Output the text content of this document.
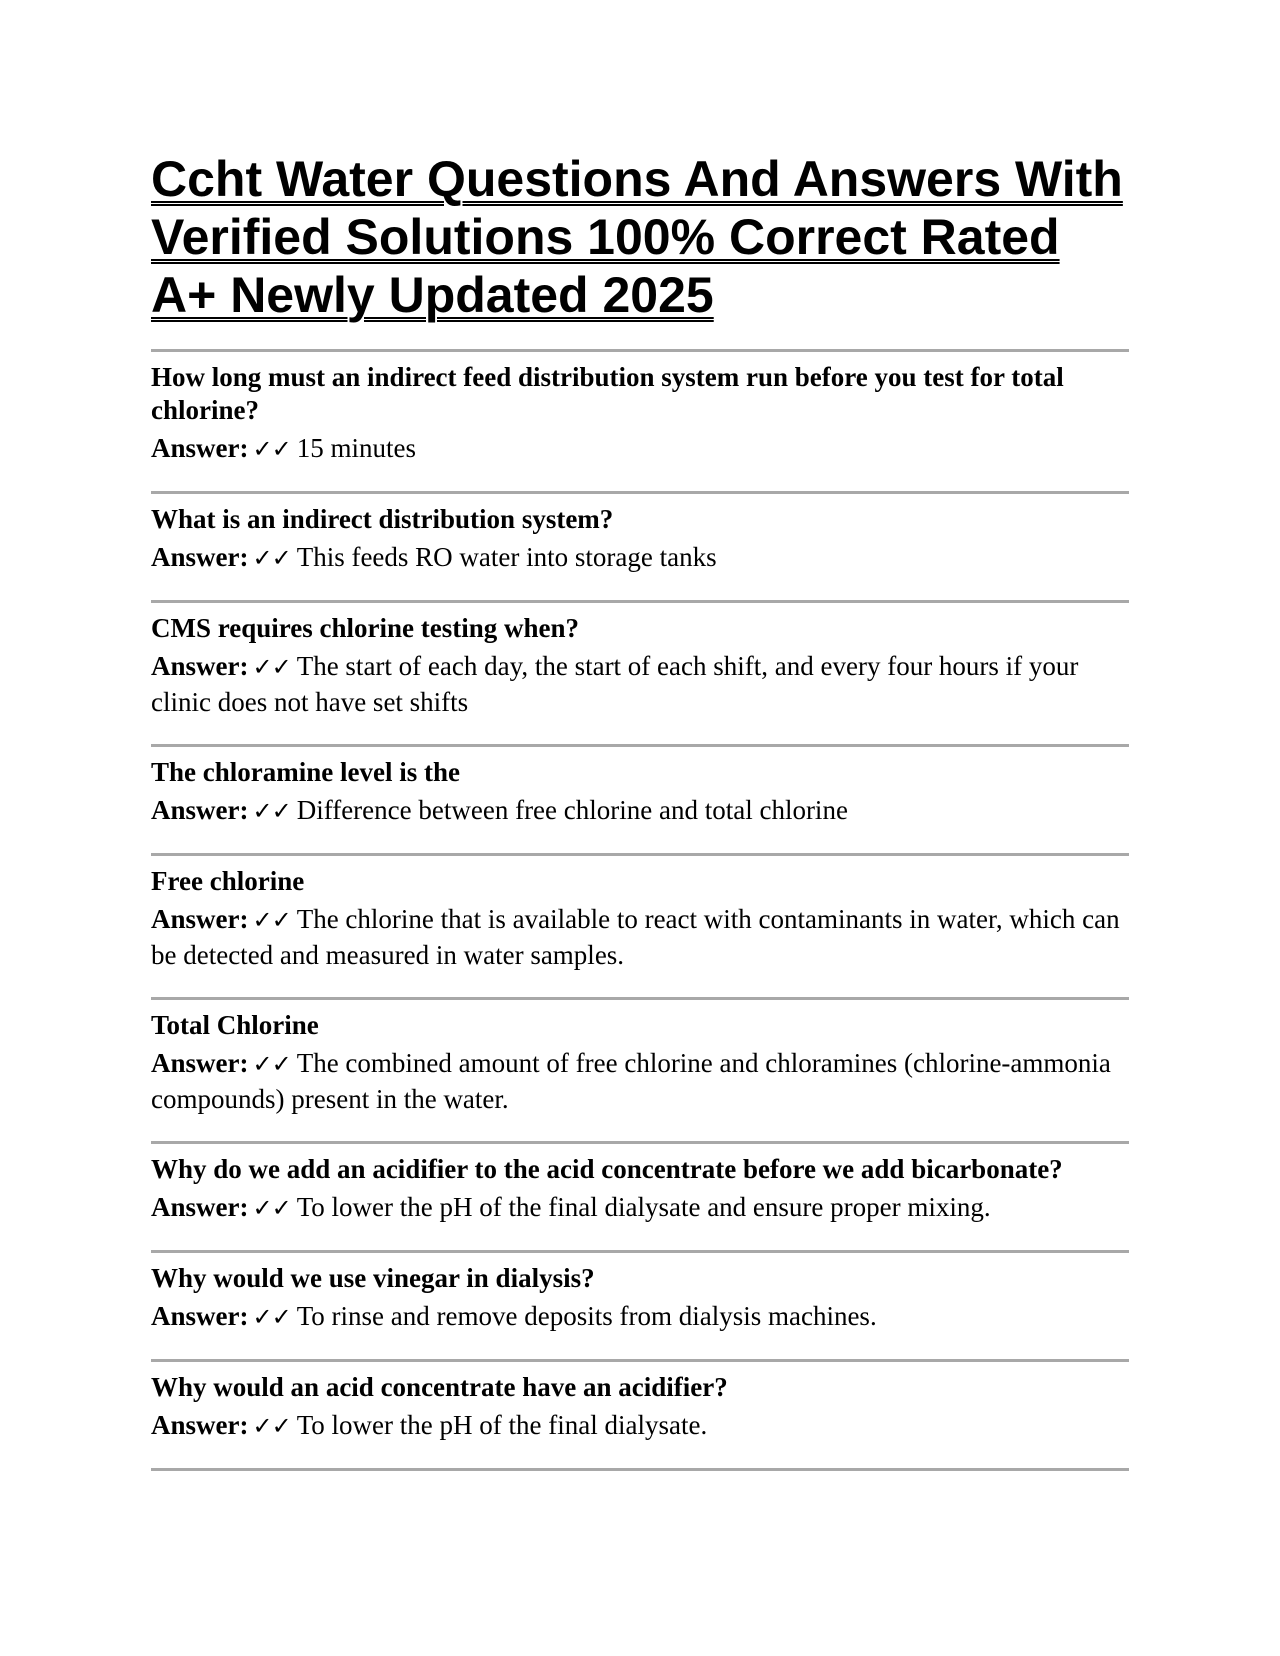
Ccht Water Questions And Answers With Verified Solutions 100% Correct Rated A+ Newly Updated 2025

How long must an indirect feed distribution system run before you test for total chlorine?

Answer: ✓✓ 15 minutes

What is an indirect distribution system?

Answer: ✓✓ This feeds RO water into storage tanks

CMS requires chlorine testing when?

Answer: ✓✓ The start of each day, the start of each shift, and every four hours if your clinic does not have set shifts

The chloramine level is the

Answer: ✓✓ Difference between free chlorine and total chlorine

Free chlorine

Answer: ✓✓ The chlorine that is available to react with contaminants in water, which can be detected and measured in water samples.

Total Chlorine

Answer: ✓✓ The combined amount of free chlorine and chloramines (chlorine-ammonia compounds) present in the water.

Why do we add an acidifier to the acid concentrate before we add bicarbonate?

Answer: ✓✓ To lower the pH of the final dialysate and ensure proper mixing.

Why would we use vinegar in dialysis?

Answer: ✓✓ To rinse and remove deposits from dialysis machines.

Why would an acid concentrate have an acidifier?

Answer: ✓✓ To lower the pH of the final dialysate.
